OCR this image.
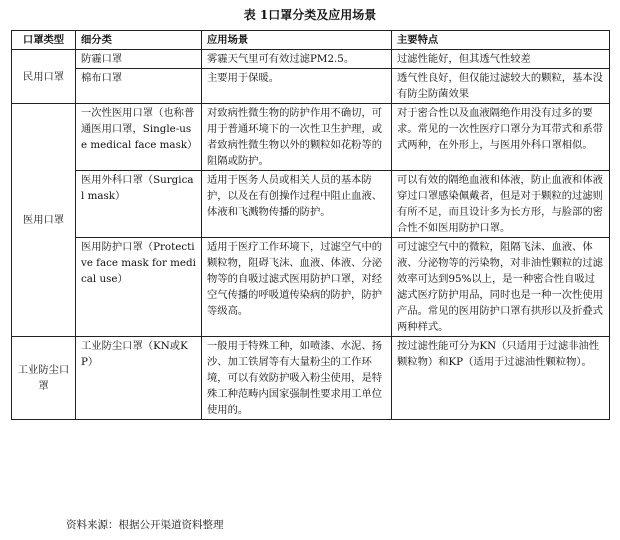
表 1口罩分类及应用场景
口罩类型	细分类	应用场景	主要特点
民用口罩	防霾口罩	雾霾天气里可有效过滤PM2.5。	过滤性能好，但其透气性较差
	棉布口罩	主要用于保暖。	透气性良好，但仅能过滤较大的颗粒，基本没有防尘防菌效果
医用口罩	一次性医用口罩（也称普通医用口罩，Single-use medical face mask）	对致病性微生物的防护作用不确切，可用于普通环境下的一次性卫生护理，或者致病性微生物以外的颗粒如花粉等的阻隔或防护。	对于密合性以及血液隔绝作用没有过多的要求。常见的一次性医疗口罩分为耳带式和系带式两种，在外形上，与医用外科口罩相似。
	医用外科口罩（Surgical mask）	适用于医务人员或相关人员的基本防护，以及在有创操作过程中阻止血液、体液和飞溅物传播的防护。	可以有效的隔绝血液和体液，防止血液和体液穿过口罩感染佩戴者，但是对于颗粒的过滤则有所不足，而且设计多为长方形，与脸部的密合性不如医用防护口罩。
	医用防护口罩（Protective face mask for medical use）	适用于医疗工作环境下，过滤空气中的颗粒物，阻碍飞沫、血液、体液、分泌物等的自吸过滤式医用防护口罩，对经空气传播的呼吸道传染病的防护，防护等级高。	可过滤空气中的微粒，阻隔飞沫、血液、体液、分泌物等的污染物，对非油性颗粒的过滤效率可达到95%以上，是一种密合性自吸过滤式医疗防护用品，同时也是一种一次性使用产品。常见的医用防护口罩有拱形以及折叠式两种样式。
工业防尘口罩	工业防尘口罩（KN或KP）	一般用于特殊工种，如喷漆、水泥、扬沙、加工铁屑等有大量粉尘的工作环境，可以有效防护吸入粉尘使用，是特殊工种范畴内国家强制性要求用工单位使用的。	按过滤性能可分为KN（只适用于过滤非油性颗粒物）和KP（适用于过滤油性颗粒物）。
资料来源：根据公开渠道资料整理
